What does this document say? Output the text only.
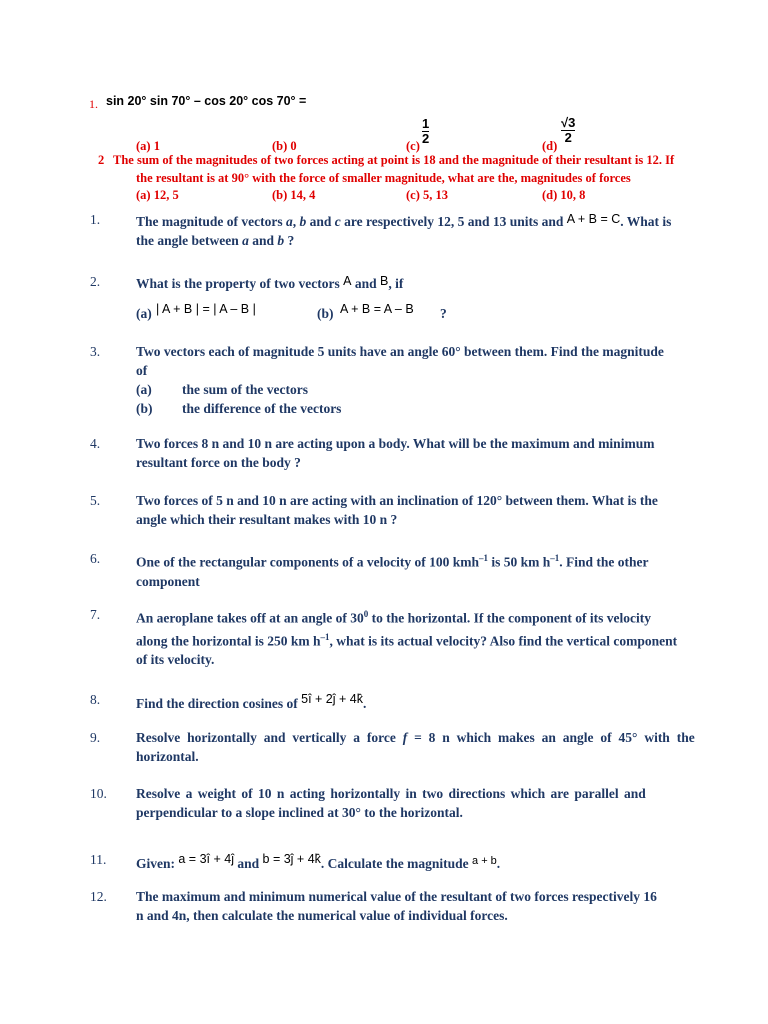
1. sin 20° sin 70° – cos 20° cos 70° =
(a) 1	(b) 0	$(c) \frac{1}{2}$	(d)
$\frac{√3}{2}$
2 The sum of the magnitudes of two forces acting at point is 18 and the magnitude of their resultant is 12. If
the resultant is at 90° with the force of smaller magnitude, what are the, magnitudes of forces
(a) 12, 5	(b) 14, 4	(c) 5, 13	(d) 10, 8
1.	The magnitude of vectors a, b and c are respectively 12, 5 and 13 units and A + B = C. What is
the angle between a and b ?
2.	What is the property of two vectors A and B, if
(a) | A + B | = | A – B |	(b) A + B = A – B ?
3.	Two vectors each of magnitude 5 units have an angle 60° between them. Find the magnitude
of
(a)	the sum of the vectors
(b)	the difference of the vectors
4.	Two forces 8 n and 10 n are acting upon a body. What will be the maximum and minimum
resultant force on the body ?
5.	Two forces of 5 n and 10 n are acting with an inclination of 120° between them. What is the
angle which their resultant makes with 10 n ?
6.	One of the rectangular components of a velocity of 100 kmh$^{-1}$ is 50 km $h^{-1}$. Find the other
component
7.	An aeroplane takes off at an angle of $30^0$ to the horizontal. If the component of its velocity
along the horizontal is 250 km $h^{-1}$, what is its actual velocity? Also find the vertical component
of its velocity.
8.	Find the direction cosines of 5î + 2ĵ + 4k̂.
9.	Resolve horizontally and vertically a force f = 8 n which makes an angle of 45° with the
horizontal.
10. Resolve a weight of 10 n acting horizontally in two directions which are parallel and
perpendicular to a slope inclined at 30° to the horizontal.
11. Given: a = 3î + 4ĵ and b = 3ĵ + 4k̂. Calculate the magnitude $^{a + b}$.
12. The maximum and minimum numerical value of the resultant of two forces respectively 16
n and 4n, then calculate the numerical value of individual forces.
